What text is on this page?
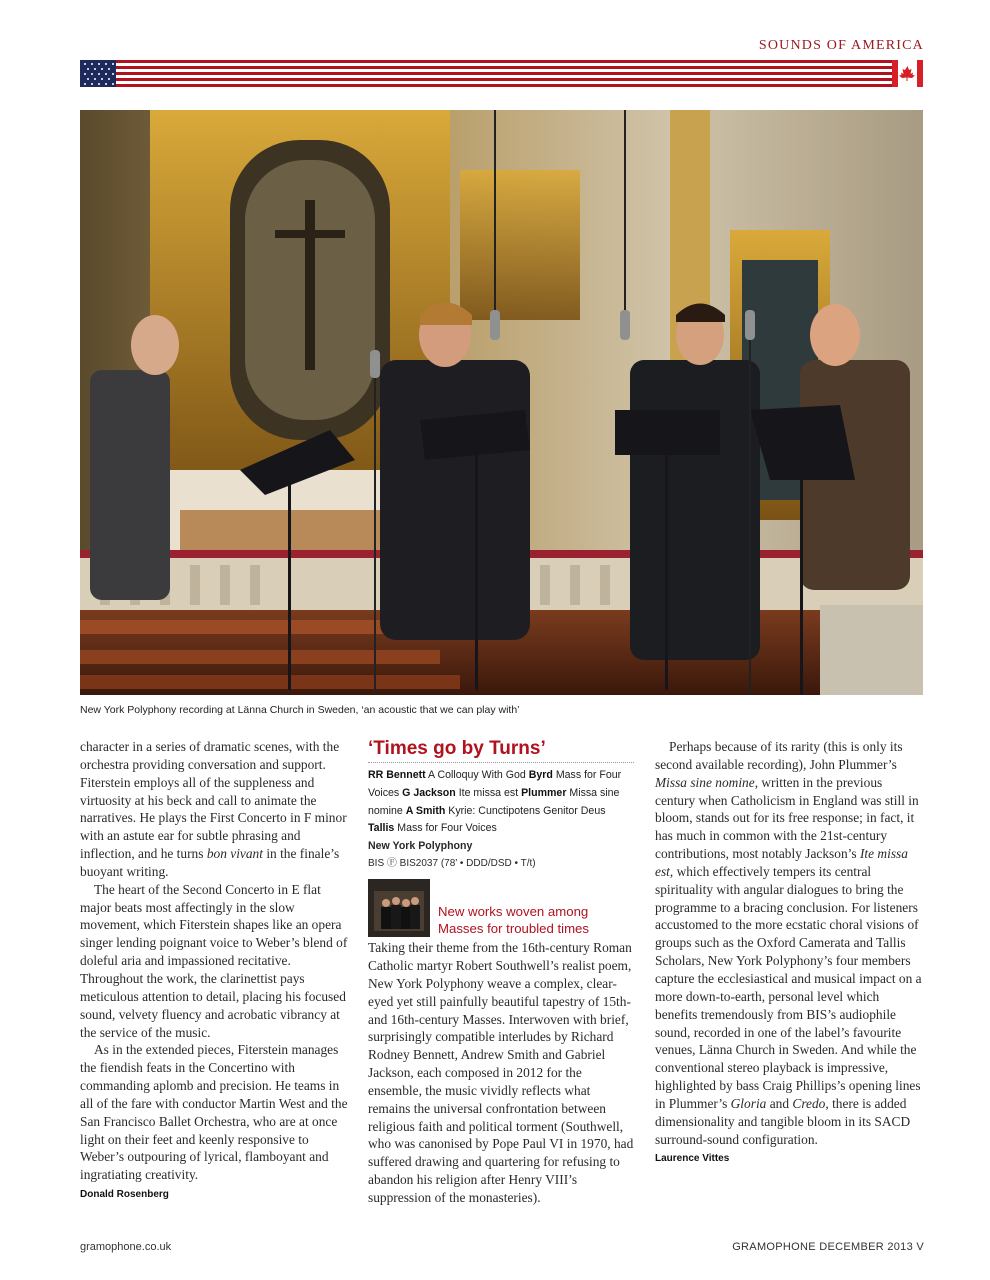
SOUNDS OF AMERICA
New York Polyphony recording at Länna Church in Sweden, ‘an acoustic that we can play with’

character in a series of dramatic scenes, with the orchestra providing conversation and support. Fiterstein employs all of the suppleness and virtuosity at his beck and call to animate the narratives. He plays the First Concerto in F minor with an astute ear for subtle phrasing and inflection, and he turns bon vivant in the finale’s buoyant writing.

The heart of the Second Concerto in E flat major beats most affectingly in the slow movement, which Fiterstein shapes like an opera singer lending poignant voice to Weber’s blend of doleful aria and impassioned recitative. Throughout the work, the clarinettist pays meticulous attention to detail, placing his focused sound, velvety fluency and acrobatic vibrancy at the service of the music.

As in the extended pieces, Fiterstein manages the fiendish feats in the Concertino with commanding aplomb and precision. He teams in all of the fare with conductor Martin West and the San Francisco Ballet Orchestra, who are at once light on their feet and keenly responsive to Weber’s outpouring of lyrical, flamboyant and ingratiating creativity.

Donald Rosenberg
‘Times go by Turns’
RR Bennett A Colloquy With God Byrd Mass for Four Voices G Jackson Ite missa est Plummer Missa sine nomine A Smith Kyrie: Cunctipotens Genitor Deus Tallis Mass for Four Voices
New York Polyphony
BIS Ⓕ BIS2037 (78’ • DDD/DSD • T/t)
New works woven among Masses for troubled times

Taking their theme from the 16th-century Roman Catholic martyr Robert Southwell’s realist poem, New York Polyphony weave a complex, clear-eyed yet still painfully beautiful tapestry of 15th- and 16th-century Masses. Interwoven with brief, surprisingly compatible interludes by Richard Rodney Bennett, Andrew Smith and Gabriel Jackson, each composed in 2012 for the ensemble, the music vividly reflects what remains the universal confrontation between religious faith and political torment (Southwell, who was canonised by Pope Paul VI in 1970, had suffered drawing and quartering for refusing to abandon his religion after Henry VIII’s suppression of the monasteries).

Perhaps because of its rarity (this is only its second available recording), John Plummer’s Missa sine nomine, written in the previous century when Catholicism in England was still in bloom, stands out for its free response; in fact, it has much in common with the 21st-century contributions, most notably Jackson’s Ite missa est, which effectively tempers its central spirituality with angular dialogues to bring the programme to a bracing conclusion. For listeners accustomed to the more ecstatic choral visions of groups such as the Oxford Camerata and Tallis Scholars, New York Polyphony’s four members capture the ecclesiastical and musical impact on a more down-to-earth, personal level which benefits tremendously from BIS’s audiophile sound, recorded in one of the label’s favourite venues, Länna Church in Sweden. And while the conventional stereo playback is impressive, highlighted by bass Craig Phillips’s opening lines in Plummer’s Gloria and Credo, there is added dimensionality and tangible bloom in its SACD surround-sound configuration.

Laurence Vittes
gramophone.co.uk	GRAMOPHONE DECEMBER 2013 V
